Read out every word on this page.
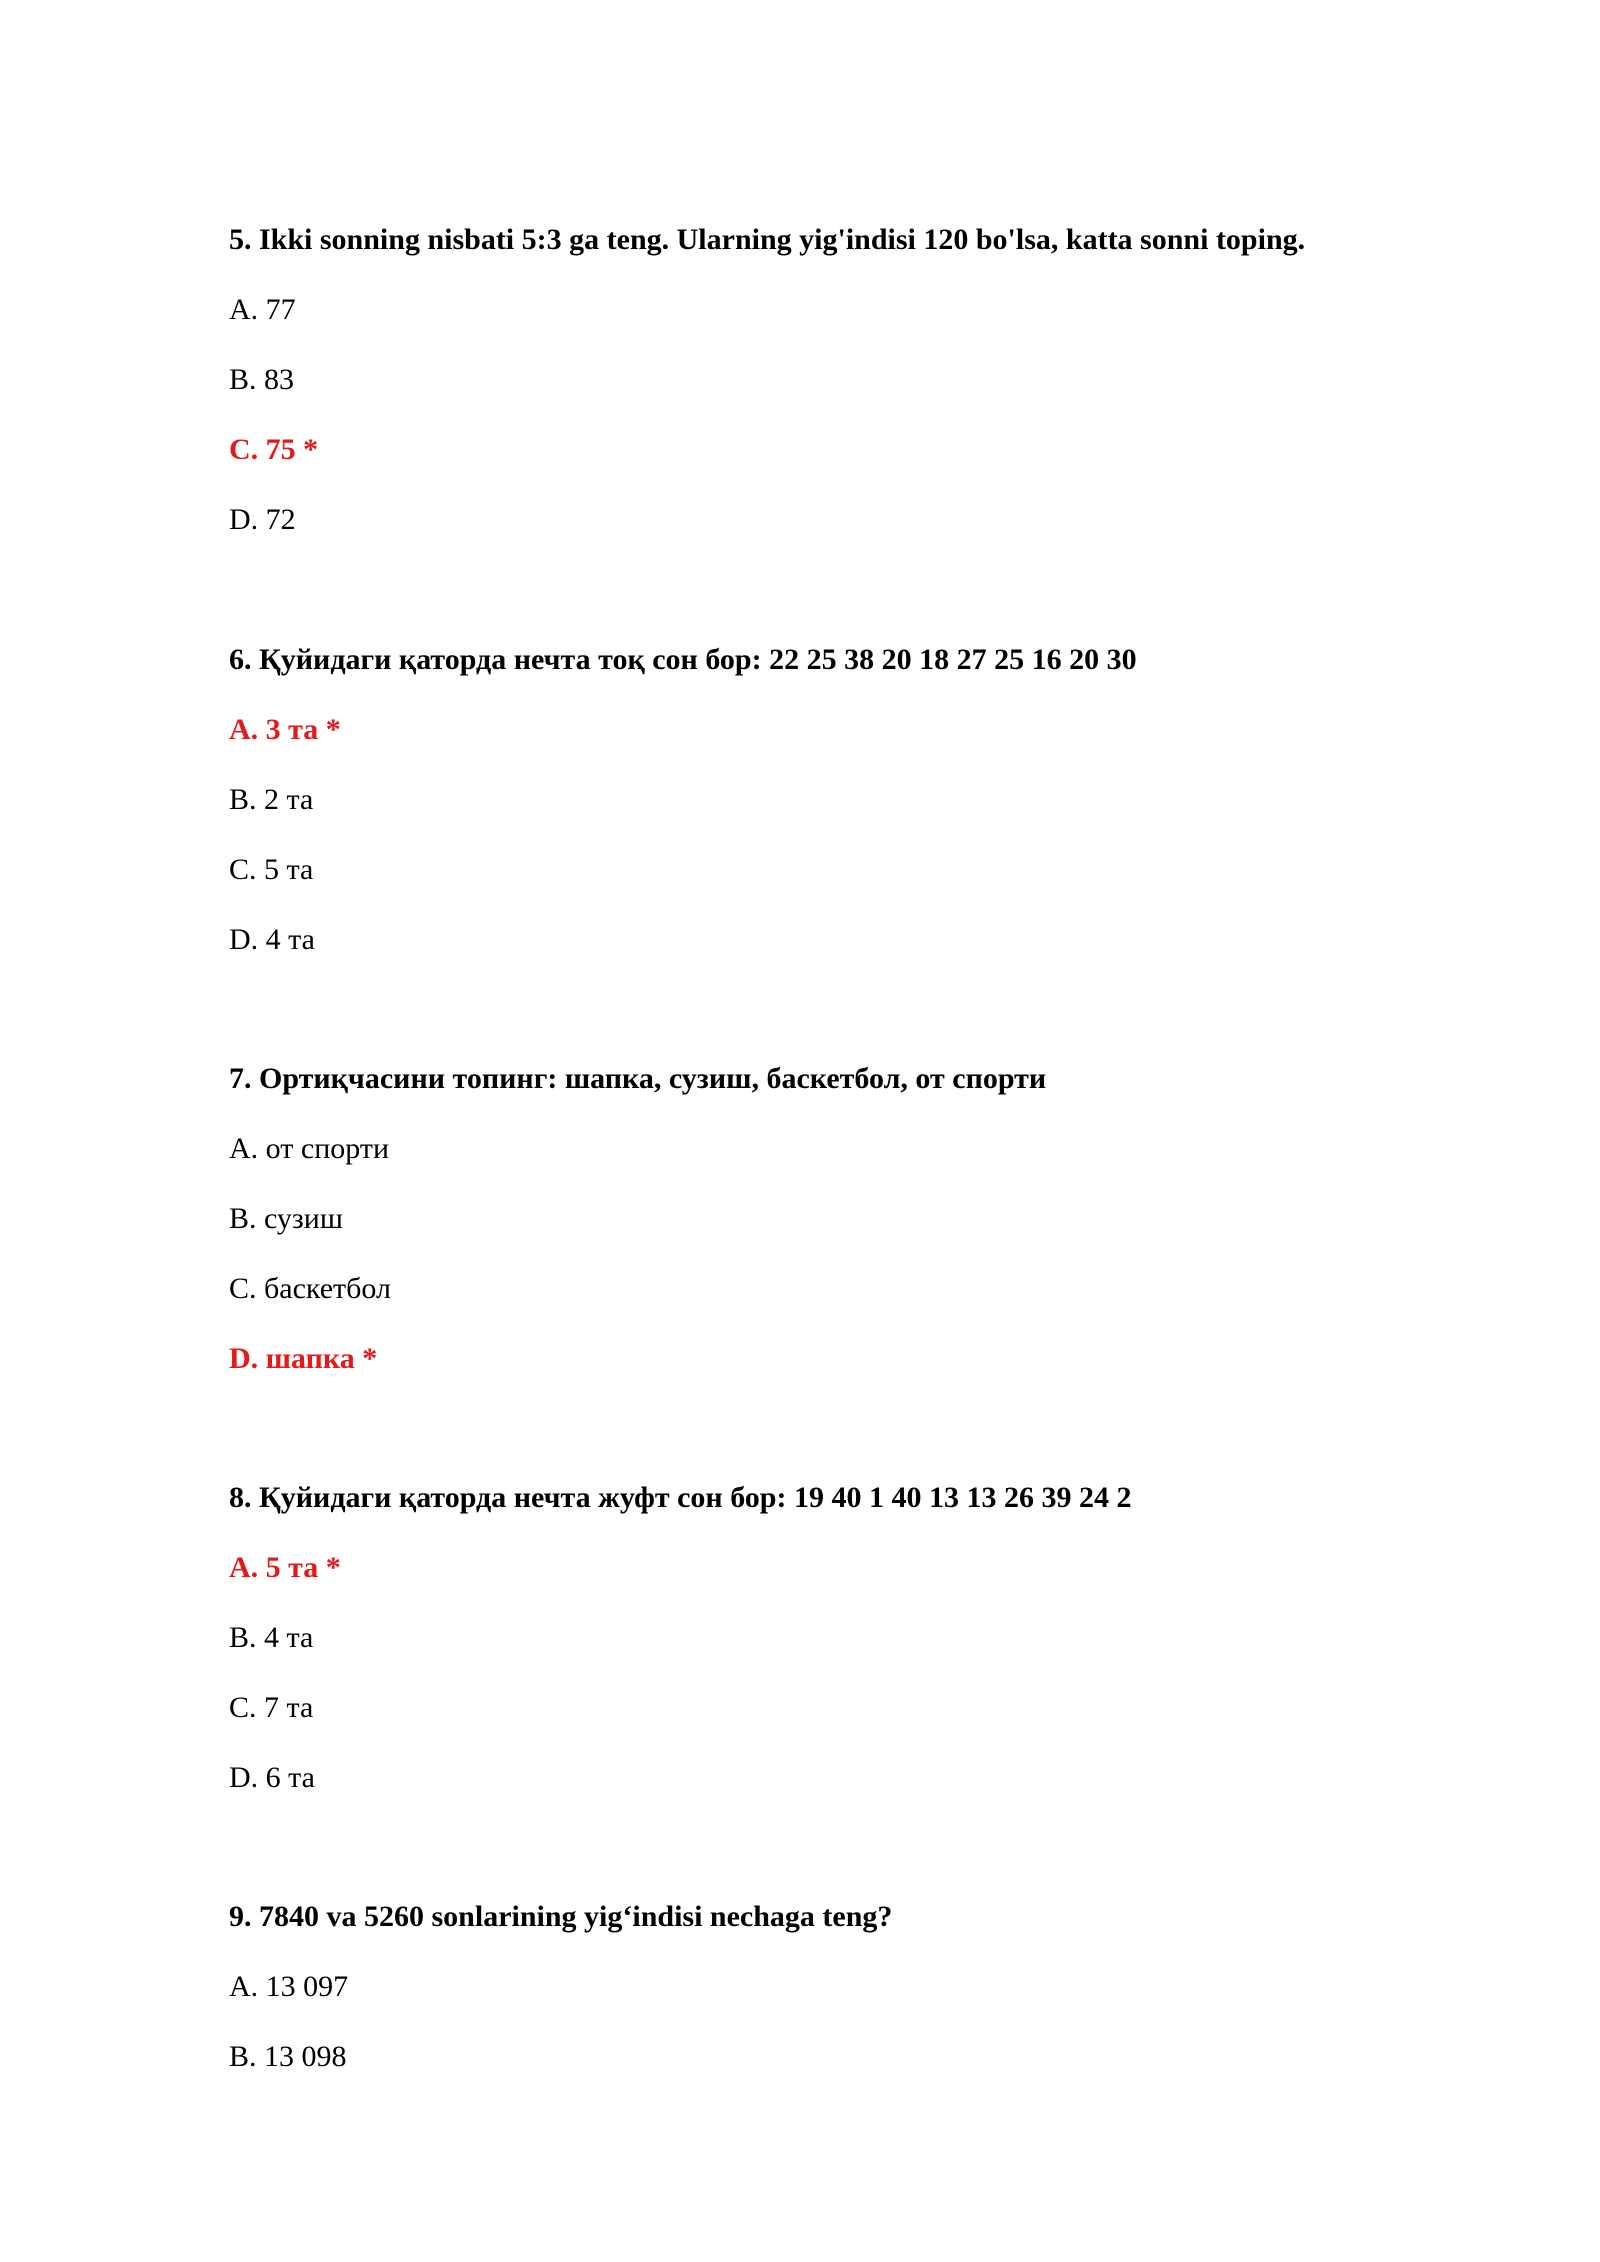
5. Ikki sonning nisbati 5:3 ga teng. Ularning yig'indisi 120 bo'lsa, katta sonni toping.

A. 77
B. 83
C. 75 *
D. 72

6. Қуйидаги қаторда нечта тоқ сон бор: 22 25 38 20 18 27 25 16 20 30

A. 3 та *
B. 2 та
C. 5 та
D. 4 та

7. Ортиқчасини топинг: шапка, сузиш, баскетбол, от спорти

A. от спорти
B. сузиш
C. баскетбол
D. шапка *

8. Қуйидаги қаторда нечта жуфт сон бор: 19 40 1 40 13 13 26 39 24 2

A. 5 та *
B. 4 та
C. 7 та
D. 6 та

9. 7840 va 5260 sonlarining yig‘indisi nechaga teng?

A. 13 097
B. 13 098
